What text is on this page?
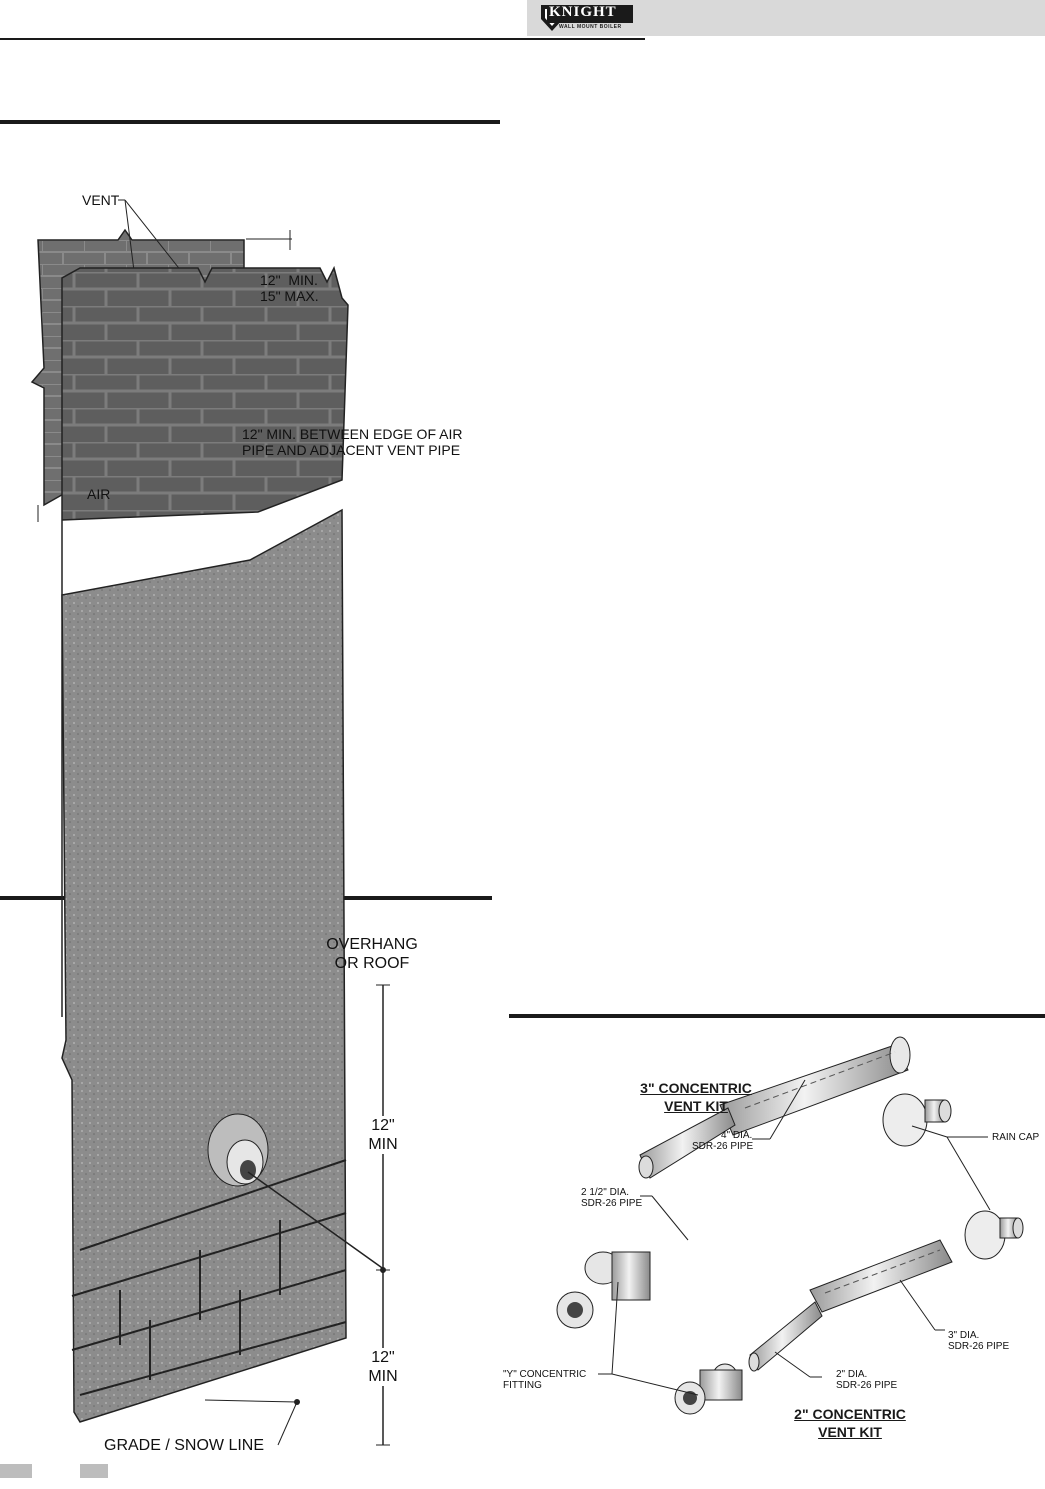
KNIGHT
WALL MOUNT BOILER
VENT
AIR
12"  MIN.
15" MAX.
12" MIN. BETWEEN EDGE OF AIR
PIPE AND ADJACENT VENT PIPE
OVERHANG
OR ROOF
12"
MIN
12"
MIN
GRADE / SNOW LINE
3" CONCENTRIC
VENT KIT
4" DIA.
SDR-26 PIPE
2 1/2" DIA.
SDR-26 PIPE
RAIN CAP
3" DIA.
SDR-26 PIPE
2" DIA.
SDR-26 PIPE
"Y" CONCENTRIC
FITTING
2" CONCENTRIC
VENT KIT
